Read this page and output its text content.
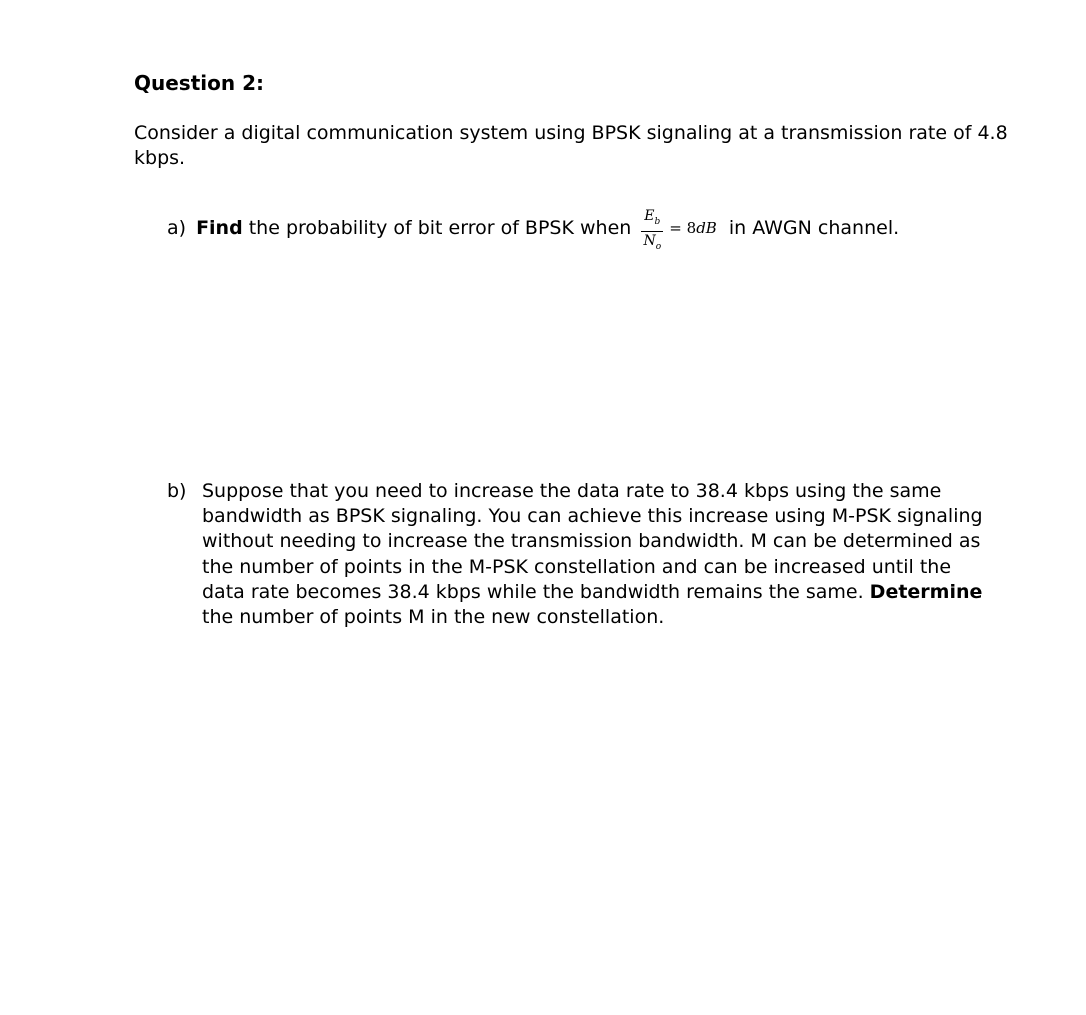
Question 2:

Consider a digital communication system using BPSK signaling at a transmission rate of 4.8 kbps.

a) Find the probability of bit error of BPSK when $\frac{E_b}{N_o} = 8dB$ in AWGN channel.
b) Suppose that you need to increase the data rate to 38.4 kbps using the same bandwidth as BPSK signaling. You can achieve this increase using M-PSK signaling without needing to increase the transmission bandwidth. M can be determined as the number of points in the M-PSK constellation and can be increased until the data rate becomes 38.4 kbps while the bandwidth remains the same. Determine the number of points M in the new constellation.
